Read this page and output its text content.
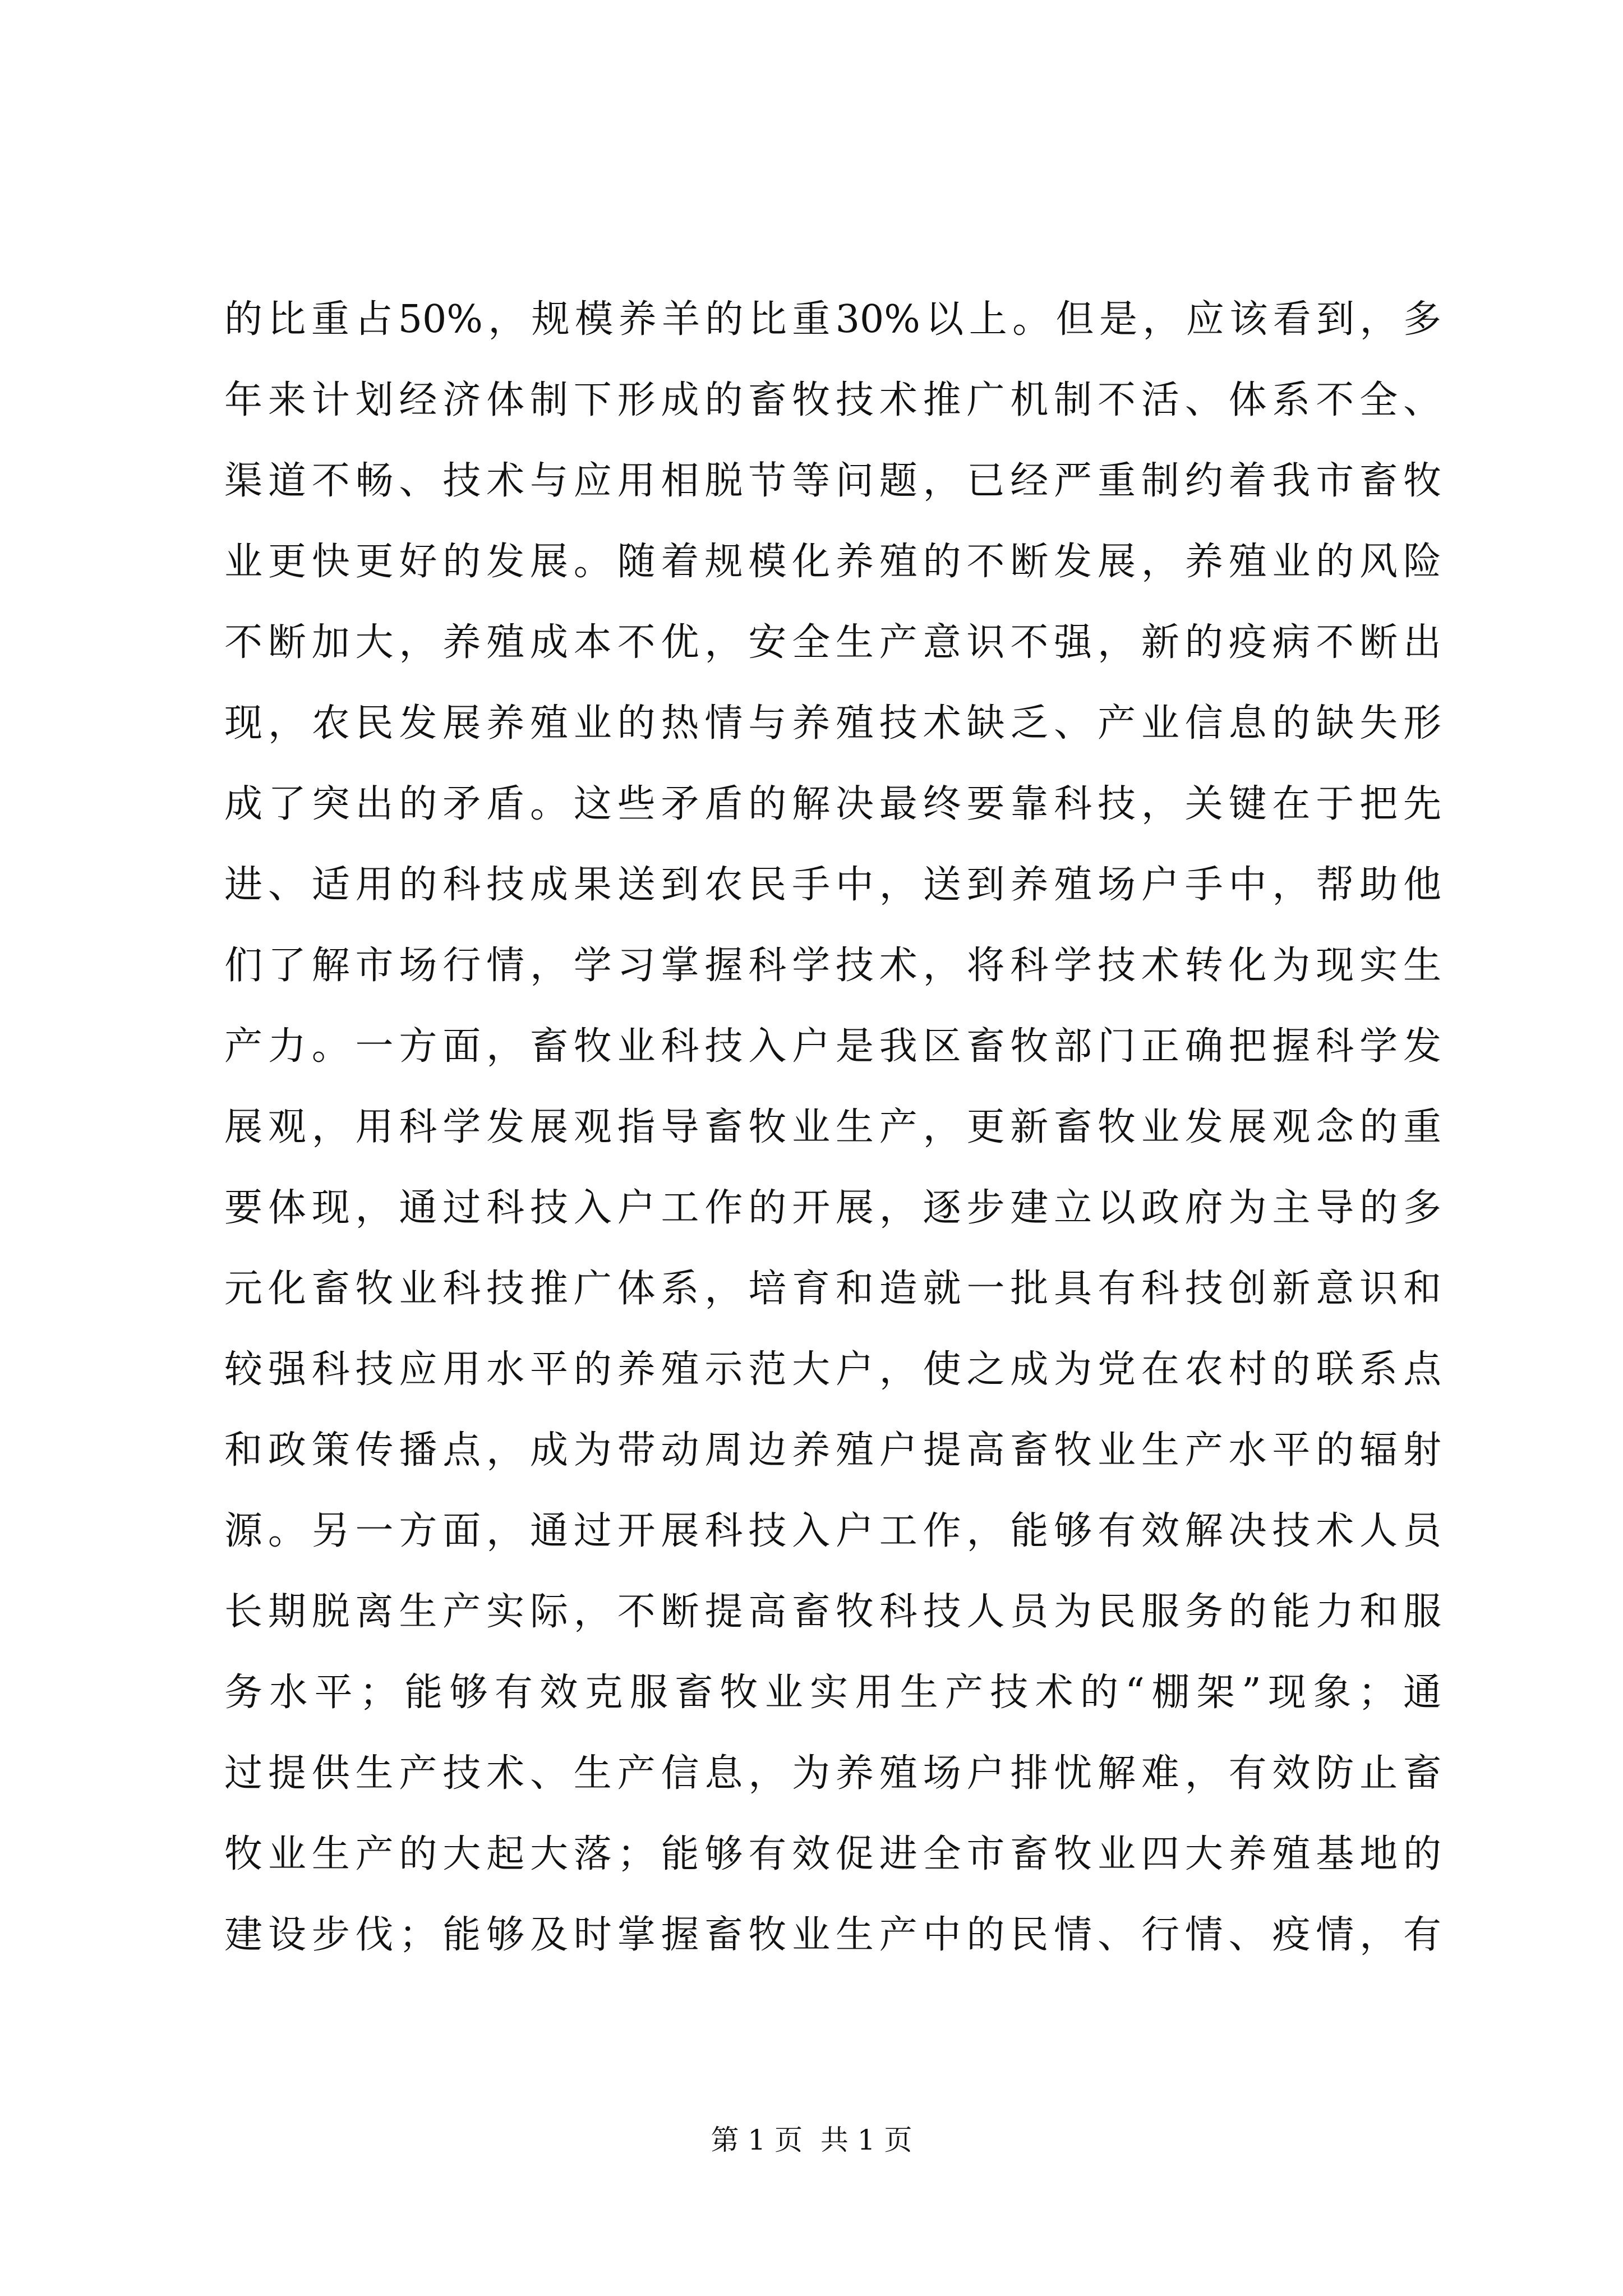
的比重占50%，规模养羊的比重30%以上。但是，应该看到，多
年来计划经济体制下形成的畜牧技术推广机制不活、体系不全、
渠道不畅、技术与应用相脱节等问题，已经严重制约着我市畜牧
业更快更好的发展。随着规模化养殖的不断发展，养殖业的风险
不断加大，养殖成本不优，安全生产意识不强，新的疫病不断出
现，农民发展养殖业的热情与养殖技术缺乏、产业信息的缺失形
成了突出的矛盾。这些矛盾的解决最终要靠科技，关键在于把先
进、适用的科技成果送到农民手中，送到养殖场户手中，帮助他
们了解市场行情，学习掌握科学技术，将科学技术转化为现实生
产力。一方面，畜牧业科技入户是我区畜牧部门正确把握科学发
展观，用科学发展观指导畜牧业生产，更新畜牧业发展观念的重
要体现，通过科技入户工作的开展，逐步建立以政府为主导的多
元化畜牧业科技推广体系，培育和造就一批具有科技创新意识和
较强科技应用水平的养殖示范大户，使之成为党在农村的联系点
和政策传播点，成为带动周边养殖户提高畜牧业生产水平的辐射
源。另一方面，通过开展科技入户工作，能够有效解决技术人员
长期脱离生产实际，不断提高畜牧科技人员为民服务的能力和服
务水平；能够有效克服畜牧业实用生产技术的“棚架”现象；通
过提供生产技术、生产信息，为养殖场户排忧解难，有效防止畜
牧业生产的大起大落；能够有效促进全市畜牧业四大养殖基地的
建设步伐；能够及时掌握畜牧业生产中的民情、行情、疫情，有
第 1 页  共 1 页
